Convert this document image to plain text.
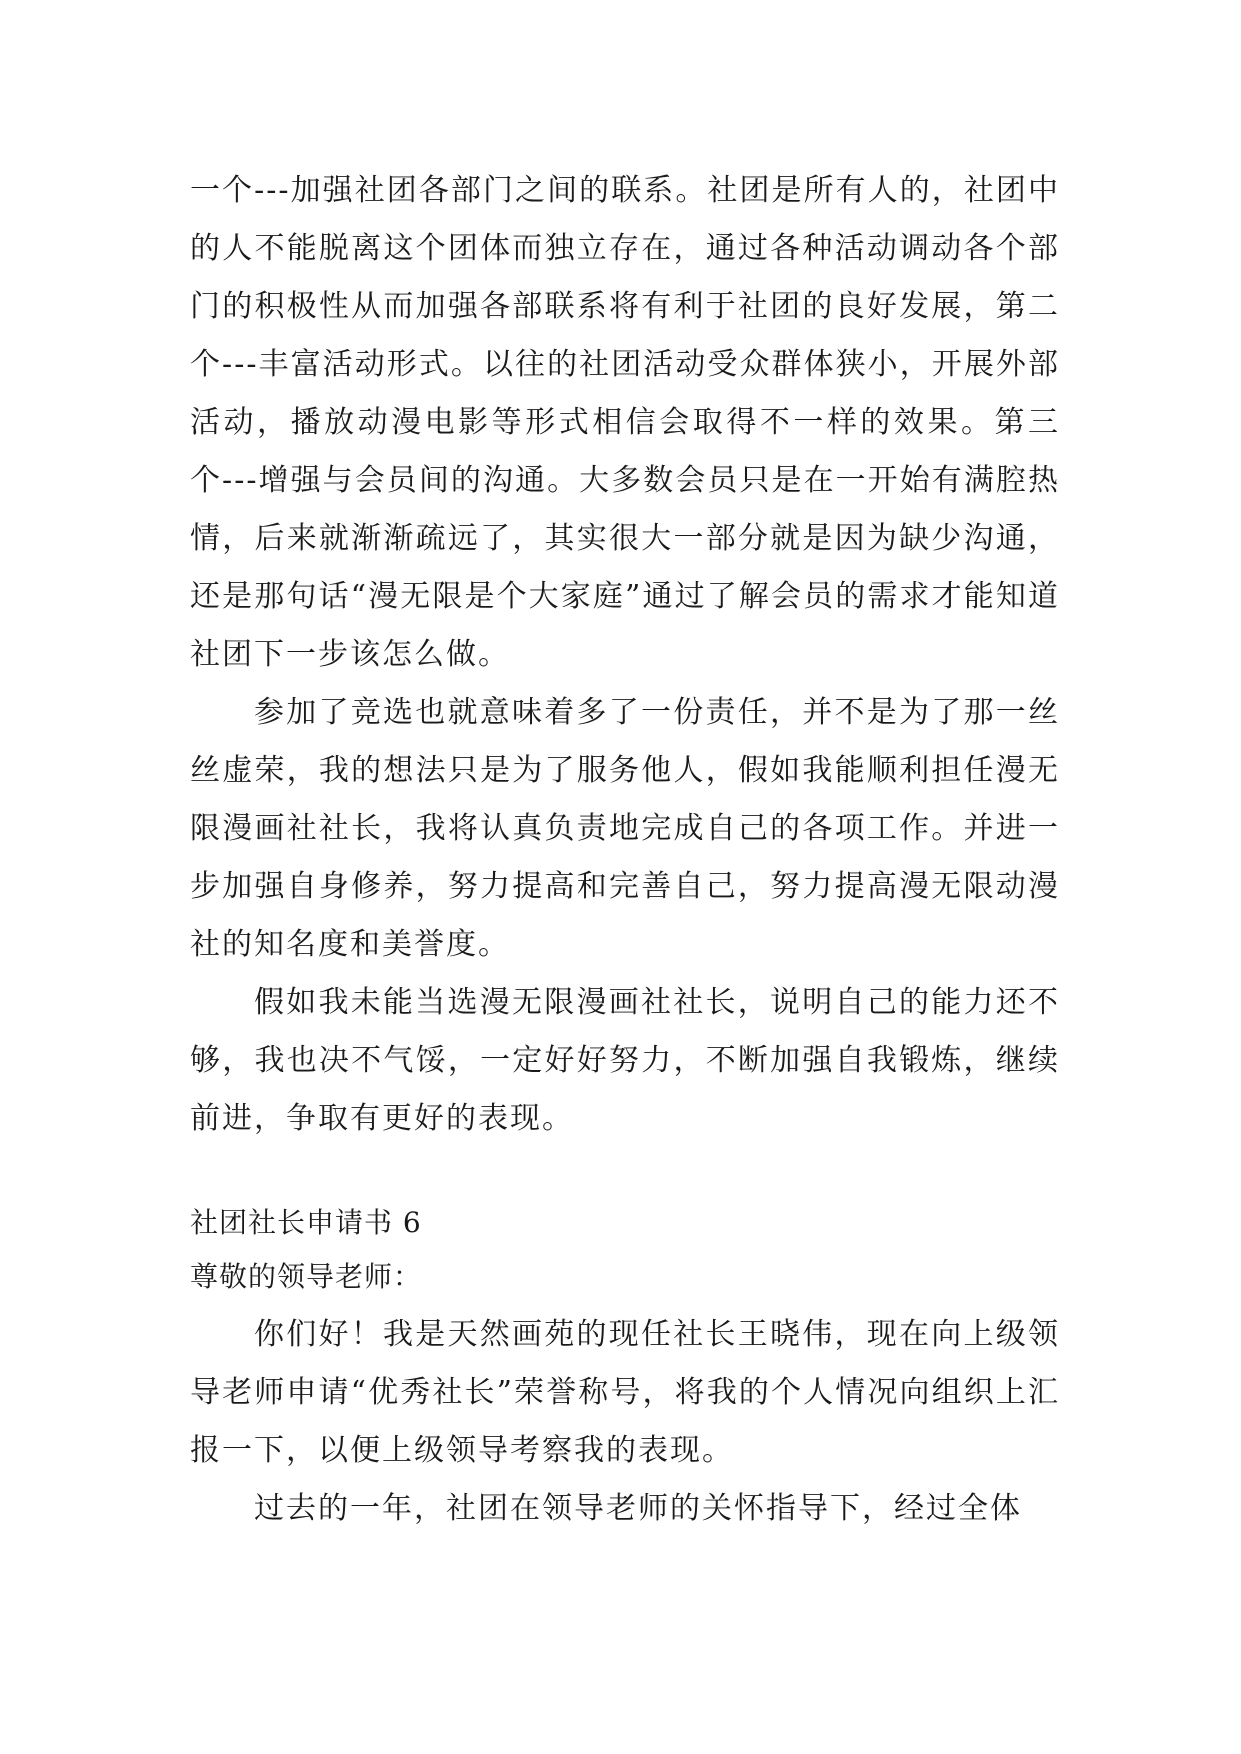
一个---加强社团各部门之间的联系。社团是所有人的，社团中的人不能脱离这个团体而独立存在，通过各种活动调动各个部门的积极性从而加强各部联系将有利于社团的良好发展，第二个---丰富活动形式。以往的社团活动受众群体狭小，开展外部活动，播放动漫电影等形式相信会取得不一样的效果。第三个---增强与会员间的沟通。大多数会员只是在一开始有满腔热情，后来就渐渐疏远了，其实很大一部分就是因为缺少沟通，还是那句话“漫无限是个大家庭”通过了解会员的需求才能知道社团下一步该怎么做。

参加了竞选也就意味着多了一份责任，并不是为了那一丝丝虚荣，我的想法只是为了服务他人，假如我能顺利担任漫无限漫画社社长，我将认真负责地完成自己的各项工作。并进一步加强自身修养，努力提高和完善自己，努力提高漫无限动漫社的知名度和美誉度。

假如我未能当选漫无限漫画社社长，说明自己的能力还不够，我也决不气馁，一定好好努力，不断加强自我锻炼，继续前进，争取有更好的表现。

社团社长申请书 6

尊敬的领导老师：

你们好！我是天然画苑的现任社长王晓伟，现在向上级领导老师申请“优秀社长”荣誉称号，将我的个人情况向组织上汇报一下，以便上级领导考察我的表现。

过去的一年，社团在领导老师的关怀指导下，经过全体
